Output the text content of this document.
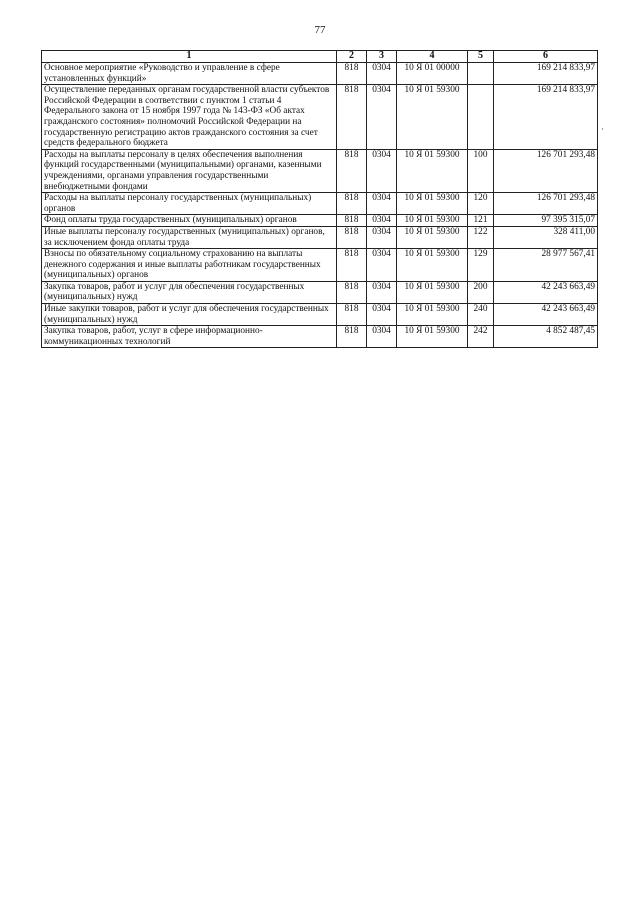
77
1	2	3	4	5	6
Основное мероприятие «Руководство и управление в сфере установленных функций»	818	0304	10 Я 01 00000		169 214 833,97
Осуществление переданных органам государственной власти субъектов Российской Федерации в соответствии с пунктом 1 статьи 4 Федерального закона от 15 ноября 1997 года № 143-ФЗ «Об актах гражданского состояния» полномочий Российской Федерации на государственную регистрацию актов гражданского состояния за счет средств федерального бюджета	818	0304	10 Я 01 59300		169 214 833,97
Расходы на выплаты персоналу в целях обеспечения выполнения функций государственными (муниципальными) органами, казенными учреждениями, органами управления государственными внебюджетными фондами	818	0304	10 Я 01 59300	100	126 701 293,48
Расходы на выплаты персоналу государственных (муниципальных) органов	818	0304	10 Я 01 59300	120	126 701 293,48
Фонд оплаты труда государственных (муниципальных) органов	818	0304	10 Я 01 59300	121	97 395 315,07
Иные выплаты персоналу государственных (муниципальных) органов, за исключением фонда оплаты труда	818	0304	10 Я 01 59300	122	328 411,00
Взносы по обязательному социальному страхованию на выплаты денежного содержания и иные выплаты работникам государственных (муниципальных) органов	818	0304	10 Я 01 59300	129	28 977 567,41
Закупка товаров, работ и услуг для обеспечения государственных (муниципальных) нужд	818	0304	10 Я 01 59300	200	42 243 663,49
Иные закупки товаров, работ и услуг для обеспечения государственных (муниципальных) нужд	818	0304	10 Я 01 59300	240	42 243 663,49
Закупка товаров, работ, услуг в сфере информационно-коммуникационных технологий	818	0304	10 Я 01 59300	242	4 852 487,45
